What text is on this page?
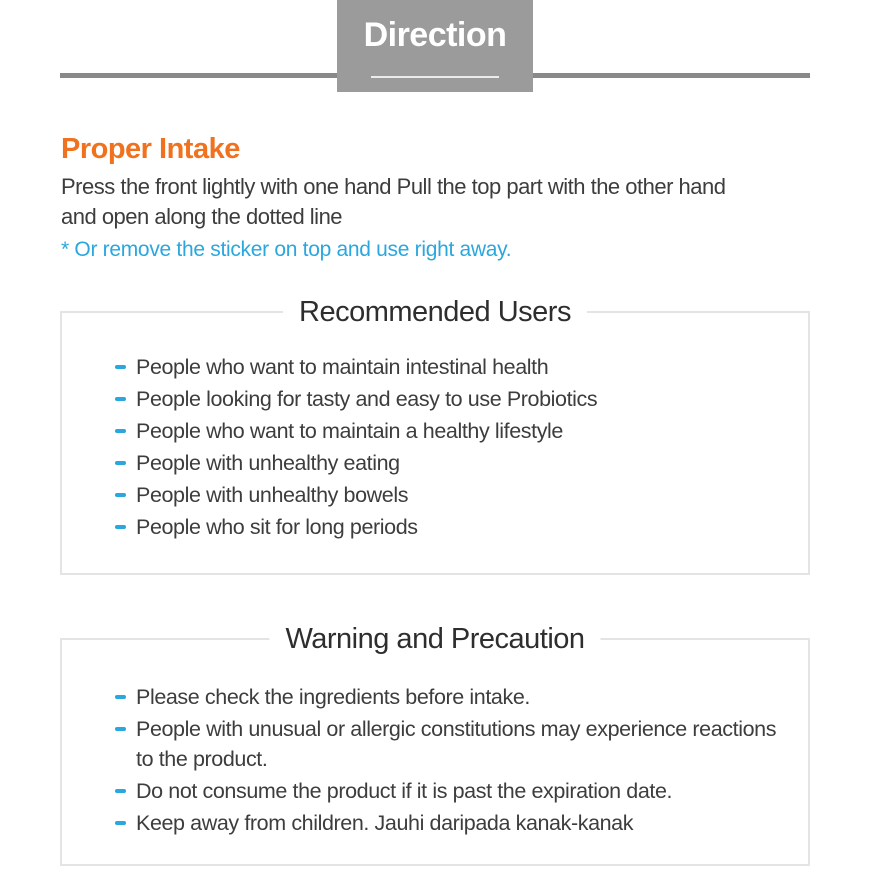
Direction
Proper Intake

Press the front lightly with one hand Pull the top part with the other hand

and open along the dotted line

* Or remove the sticker on top and use right away.

Recommended Users
People who want to maintain intestinal health
People looking for tasty and easy to use Probiotics
People who want to maintain a healthy lifestyle
People with unhealthy eating
People with unhealthy bowels
People who sit for long periods
Warning and Precaution
Please check the ingredients before intake.
People with unusual or allergic constitutions may experience reactions to the product.
Do not consume the product if it is past the expiration date.
Keep away from children. Jauhi daripada kanak-kanak
